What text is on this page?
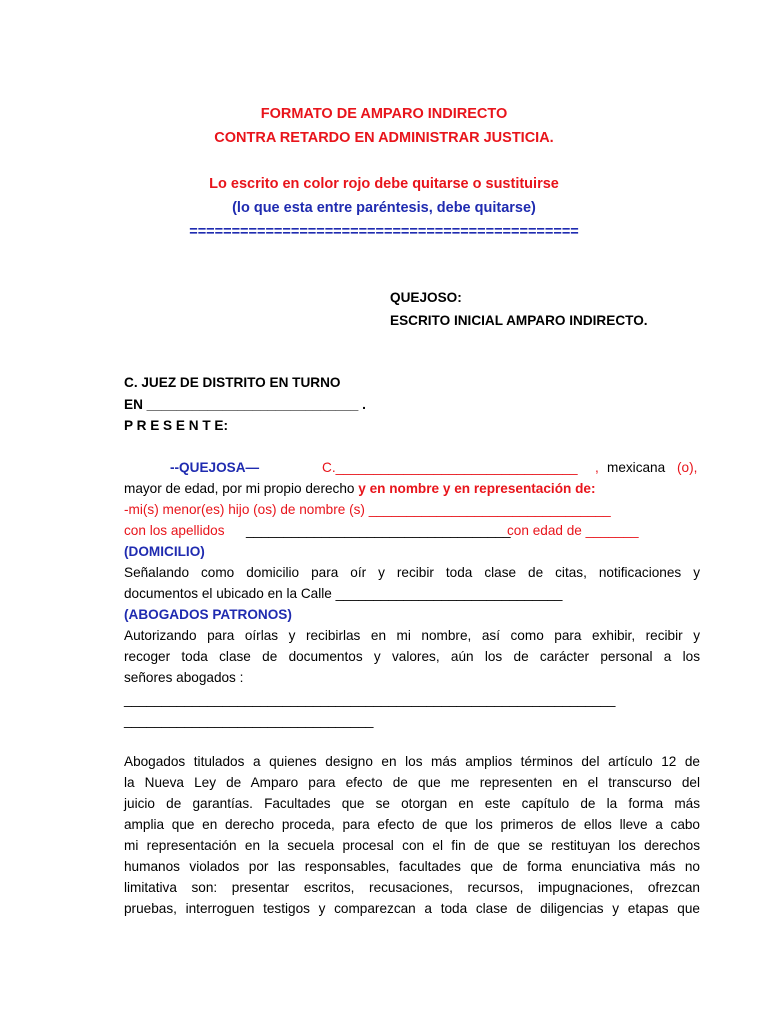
FORMATO DE AMPARO INDIRECTO
CONTRA RETARDO EN ADMINISTRAR JUSTICIA.
Lo escrito en color rojo debe quitarse o sustituirse
(lo que esta entre paréntesis, debe quitarse)
==============================================
QUEJOSO:
ESCRITO INICIAL AMPARO INDIRECTO.
C. JUEZ DE DISTRITO EN TURNO
EN ____________________________ .
P R E S E N T E:
--QUEJOSA—	C.________________________________ , mexicana (o),
mayor de edad, por mi propio derecho y en nombre y en representación de:
-mi(s) menor(es) hijo (os) de nombre (s) ________________________________
con los apellidos ___________________________________
con edad de _______
(DOMICILIO)
Señalando como domicilio para oír y recibir toda clase de citas, notificaciones y
documentos el ubicado en la Calle ______________________________
(ABOGADOS PATRONOS)
Autorizando para oírlas y recibirlas en mi nombre, así como para exhibir, recibir y
recoger toda clase de documentos y valores, aún los de carácter personal a los
señores abogados :
_________________________________________________________________
_________________________________
Abogados titulados a quienes designo en los más amplios términos del artículo 12 de
la Nueva Ley de Amparo para efecto de que me representen en el transcurso del
juicio de garantías. Facultades que se otorgan en este capítulo de la forma más
amplia que en derecho proceda, para efecto de que los primeros de ellos lleve a cabo
mi representación en la secuela procesal con el fin de que se restituyan los derechos
humanos violados por las responsables, facultades que de forma enunciativa más no
limitativa son: presentar escritos, recusaciones, recursos, impugnaciones, ofrezcan
pruebas, interroguen testigos y comparezcan a toda clase de diligencias y etapas que
